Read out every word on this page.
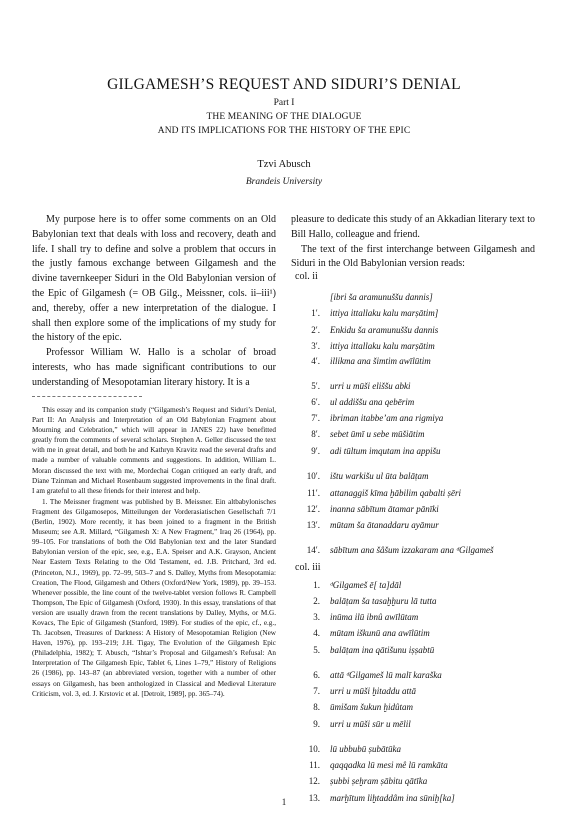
GILGAMESH’S REQUEST AND SIDURI’S DENIAL
Part I
THE MEANING OF THE DIALOGUE
AND ITS IMPLICATIONS FOR THE HISTORY OF THE EPIC
Tzvi Abusch
Brandeis University

My purpose here is to offer some comments on an Old Babylonian text that deals with loss and recovery, death and life. I shall try to define and solve a problem that occurs in the justly famous exchange between Gilgamesh and the divine tavernkeeper Siduri in the Old Babylonian version of the Epic of Gilgamesh (= OB Gilg., Meissner, cols. ii–iii¹) and, thereby, offer a new interpretation of the dialogue. I shall then explore some of the implications of my study for the history of the epic.

Professor William W. Hallo is a scholar of broad interests, who has made significant contributions to our understanding of Mesopotamian literary history. It is a

This essay and its companion study (“Gilgamesh’s Request and Siduri’s Denial, Part II: An Analysis and Interpretation of an Old Babylonian Fragment about Mourning and Celebration,” which will appear in JANES 22) have benefitted greatly from the comments of several scholars. Stephen A. Geller discussed the text with me in great detail, and both he and Kathryn Kravitz read the several drafts and made a number of valuable comments and suggestions. In addition, William L. Moran discussed the text with me, Mordechai Cogan critiqued an early draft, and Diane Tzinman and Michael Rosenbaum suggested improvements in the final draft. I am grateful to all these friends for their interest and help.

1. The Meissner fragment was published by B. Meissner. Ein altbabylonisches Fragment des Gilgamosepos, Mitteilungen der Vorderasiatischen Gesellschaft 7/1 (Berlin, 1902). More recently, it has been joined to a fragment in the British Museum; see A.R. Millard, “Gilgamesh X: A New Fragment,” Iraq 26 (1964), pp. 99–105. For translations of both the Old Babylonian text and the later Standard Babylonian version of the epic, see, e.g., E.A. Speiser and A.K. Grayson, Ancient Near Eastern Texts Relating to the Old Testament, ed. J.B. Pritchard, 3rd ed. (Princeton, N.J., 1969), pp. 72–99, 503–7 and S. Dalley, Myths from Mesopotamia: Creation, The Flood, Gilgamesh and Others (Oxford/New York, 1989), pp. 39–153. Whenever possible, the line count of the twelve-tablet version follows R. Campbell Thompson, The Epic of Gilgamesh (Oxford, 1930). In this essay, translations of that version are usually drawn from the recent translations by Dalley, Myths, or M.G. Kovacs, The Epic of Gilgamesh (Stanford, 1989). For studies of the epic, cf., e.g., Th. Jacobsen, Treasures of Darkness: A History of Mesopotamian Religion (New Haven, 1976), pp. 193–219; J.H. Tigay, The Evolution of the Gilgamesh Epic (Philadelphia, 1982); T. Abusch, “Ishtar’s Proposal and Gilgamesh’s Refusal: An Interpretation of The Gilgamesh Epic, Tablet 6, Lines 1–79,” History of Religions 26 (1986), pp. 143–87 (an abbreviated version, together with a number of other essays on Gilgamesh, has been anthologized in Classical and Medieval Literature Criticism, vol. 3, ed. J. Krstovic et al. [Detroit, 1989], pp. 365–74).

pleasure to dedicate this study of an Akkadian literary text to Bill Hallo, colleague and friend.

The text of the first interchange between Gilgamesh and Siduri in the Old Babylonian version reads:

col. ii
[ibri ša aramunuššu dannis]
1′. ittiya ittallaku kalu marṣātim]
2′. Enkidu ša aramunuššu dannis
3′. ittiya ittallaku kalu marṣātim
4′. illikma ana šimtim awīlūtim
5′. urri u mūši eliššu abki
6′. ul addiššu ana qebērim
7′. ibriman itabbe’am ana rigmiya
8′. sebet ūmī u sebe mūšiātim
9′. adi tūltum imqutam ina appišu
10′. ištu warkišu ul ūta balāṭam
11′. attanaggiš kīma ḫābilim qabalti ṣēri
12′. inanna sābītum ātamar pānīki
13′. mūtam ša ātanaddaru ayāmur
14′. sābītum ana šâšum izzakaram ana ᵈGilgameš
col. iii
1. ᵈGilgameš ē[ ta]dāl
2. balāṭam ša tasaḫḫuru lā tutta
3. inūma ilū ibnû awīlūtam
4. mūtam iškunū ana awīlūtim
5. balāṭam ina qātišunu iṣṣabtū
6. attā ᵈGilgameš lū malī karaška
7. urri u mūši ḫitaddu attā
8. ūmišam šukun ḫidûtam
9. urri u mūši sūr u mēlil
10. lū ubbubū ṣubātūka
11. qaqqadka lū mesi mê lū ramkāta
12. ṣubbi ṣeḫram ṣābitu qātīka
13. marḫītum liḫtaddâm ina sūniḫ[ka]
1
